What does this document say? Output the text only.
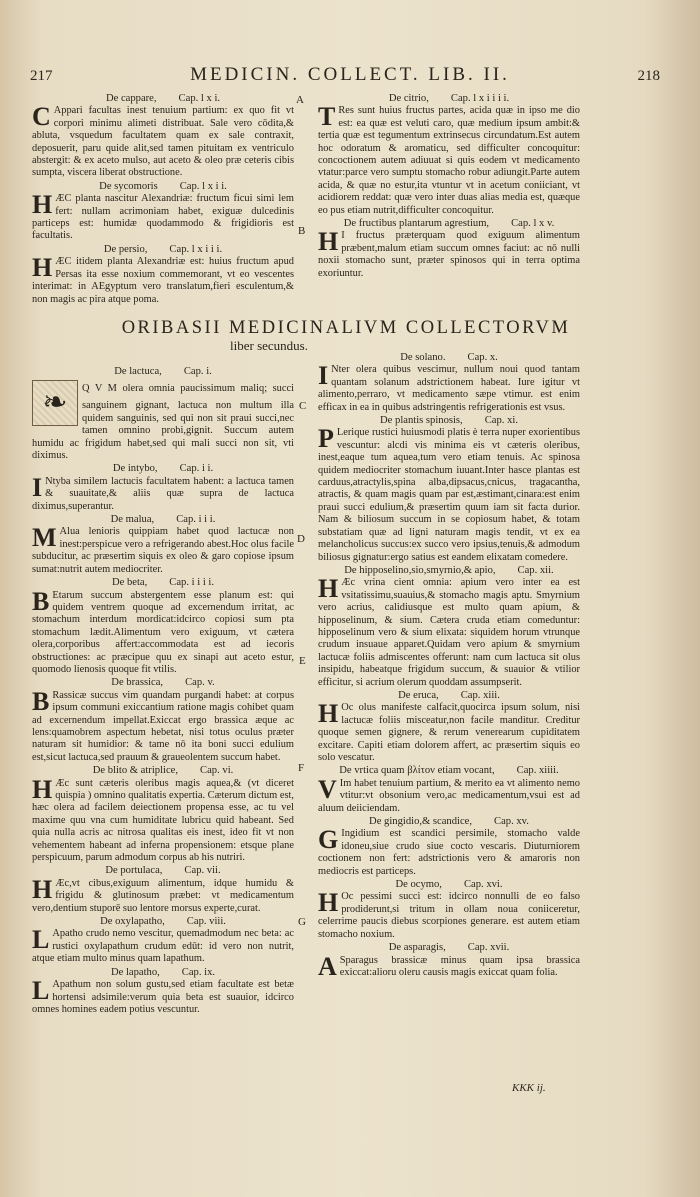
217	MEDICIN. COLLECT. LIB. II.	218
De cappare, Cap. l x i.
CAppari facultas inest tenuium partium: ex quo fit vt corpori minimu alimeti distribuat. Sale vero cōdita,& abluta, vsquedum facultatem quam ex sale contraxit, deposuerit, paru quide alit,sed tamen pituitam ex ventriculo abstergit: & ex aceto mulso, aut aceto & oleo præ ceteris cibis sumpta, viscera liberat obstructione.
De sycomoris Cap. l x i i.
HÆC planta nascitur Alexandriæ: fructum ficui simi lem fert: nullam acrimoniam habet, exiguæ dulcedinis particeps est: humidæ quodammodo & frigidioris est facultatis.
De persio, Cap. l x i i i.
HÆC itidem planta Alexandriæ est: huius fructum apud Persas ita esse noxium commemorant, vt eo vescentes interimat: in AEgyptum vero translatum,fieri esculentum,& non magis ac pira atque poma.
De citrio, Cap. l x i i i i.
TRes sunt huius fructus partes, acida quæ in ipso me dio est: ea quæ est veluti caro, quæ medium ipsum ambit:& tertia quæ est tegumentum extrinsecus circundatum.Est autem hoc odoratum & aromaticu, sed difficulter concoquitur: concoctionem autem adiuuat si quis eodem vt medicamento vtatur:parce vero sumptu stomacho robur adiungit.Parte autem acida, & quæ no estur,ita vtuntur vt in acetum coniiciant, vt acidiorem reddat: quæ vero inter duas alias media est, quæque eo pus etiam nutrit,difficulter concoquitur.
De fructibus plantarum agrestium, Cap. l x v.
HI fructus præterquam quod exiguum alimentum præbent,malum etiam succum omnes faciut: ac nō nulli noxii stomacho sunt, præter spinosos qui in terra optima exoriuntur.
ORIBASII MEDICINALIVM COLLECTORVM
liber secundus.
De lactuca, Cap. i.
❧	Q V M olera omnia paucissimum maliq; succi sanguinem gignant, lactuca non multum illa quidem sanguinis, sed qui non sit praui succi,nec tamen omnino probi,gignit. Succum autem humidu ac frigidum habet,sed qui mali succi non sit, vti diximus.
De intybo, Cap. i i.
INtyba similem lactucis facultatem habent: a lactuca tamen & suauitate,& aliis quæ supra de lactuca diximus,superantur.
De malua, Cap. i i i.
MAlua lenioris quippiam habet quod lactucæ non inest:perspicue vero a refrigerando abest.Hoc olus facile subducitur, ac præsertim siquis ex oleo & garo copiose ipsum sumat:nutrit autem mediocriter.
De beta, Cap. i i i i.
BEtarum succum abstergentem esse planum est: qui quidem ventrem quoque ad excernendum irritat, ac stomachum interdum mordicat:idcirco copiosi sum pta stomachum lædit.Alimentum vero exiguum, vt cætera olera,corporibus affert:accommodata est ad iecoris obstructiones: ac præcipue quu ex sinapi aut aceto estur, quomodo lienosis quoque fit vtilis.
De brassica, Cap. v.
BRassicæ succus vim quandam purgandi habet: at corpus ipsum communi exiccantium ratione magis cohibet quam ad excernendum impellat.Exiccat ergo brassica æque ac lens:quamobrem aspectum hebetat, nisi totus oculus præter naturam sit humidior: & tame nō ita boni succi edulium est,sicut lactuca,sed prauum & graueolentem succum habet.
De blito & atriplice, Cap. vi.
HÆc sunt cæteris oleribus magis aquea,& (vt diceret quispia ) omnino qualitatis expertia. Cæterum dictum est, hæc olera ad facilem deiectionem propensa esse, ac tu vel maxime quu vna cum humiditate lubricu quid habeant. Sed quia nulla acris ac nitrosa qualitas eis inest, ideo fit vt non vehementem habeant ad inferna propensionem: etsque plane perspicuum, parum admodum corpus ab his nutriri.
De portulaca, Cap. vii.
HÆc,vt cibus,exiguum alimentum, idque humidu & frigidu & glutinosum præbet: vt medicamentum vero,dentium stuporē suo lentore morsus experte,curat.
De oxylapatho, Cap. viii.
LApatho crudo nemo vescitur, quemadmodum nec beta: ac rustici oxylapathum crudum edūt: id vero non nutrit, atque etiam multo minus quam lapathum.
De lapatho, Cap. ix.
LApathum non solum gustu,sed etiam facultate est betæ hortensi adsimile:verum quia beta est suauior, idcirco omnes homines eadem potius vescuntur.
De solano. Cap. x.
INter olera quibus vescimur, nullum noui quod tantam quantam solanum adstrictionem habeat. Iure igitur vt alimento,perraro, vt medicamento sæpe vtimur. est enim efficax in ea in quibus adstringentis refrigerationis est vsus.
De plantis spinosis, Cap. xi.
PLerique rustici huiusmodi platis è terra nuper exorientibus vescuntur: alcdi vis minima eis vt cæteris oleribus, inest,eaque tum aquea,tum vero etiam tenuis. Ac spinosa quidem mediocriter stomachum iuuant.Inter hasce plantas est carduus,atractylis,spina alba,dipsacus,cnicus, tragacantha, atractis, & quam magis quam par est,æstimant,cinara:est enim praui succi edulium,& præsertim quum iam sit facta durior. Nam & biliosum succum in se copiosum habet, & totam substatiam quæ ad ligni naturam magis tendit, vt ex ea melancholicus succus:ex succo vero ipsius,tenuis,& admodum biliosus gignatur:ergo satius est eandem elixatam comedere.
De hipposelino,sio,smyrnio,& apio, Cap. xii.
HÆc vrina cient omnia: apium vero inter ea est vsitatissimu,suauius,& stomacho magis aptu. Smyrnium vero acrius, calidiusque est multo quam apium, & hipposelinum, & sium. Cætera cruda etiam comeduntur: hipposelinum vero & sium elixata: siquidem horum vtrunque crudum insuaue apparet.Quidam vero apium & smyrnium lactucæ foliis admiscentes offerunt: nam cum lactuca sit olus insipidu, habeatque frigidum succum, & suauior & vtilior efficitur, si acrium olerum quoddam assumpserit.
De eruca, Cap. xiii.
HOc olus manifeste calfacit,quocirca ipsum solum, nisi lactucæ foliis misceatur,non facile manditur. Creditur quoque semen gignere, & rerum venerearum cupiditatem excitare. Capiti etiam dolorem affert, ac præsertim siquis eo solo vescatur.
De vrtica quam βλίτον etiam vocant, Cap. xiiii.
VIm habet tenuium partium, & merito ea vt alimento nemo vtitur:vt obsonium vero,ac medicamentum,vsui est ad aluum deiiciendam.
De gingidio,& scandice, Cap. xv.
GIngidium est scandici persimile, stomacho valde idoneu,siue crudo siue cocto vescaris. Diuturniorem coctionem non fert: adstrictionis vero & amaroris non mediocris est particeps.
De ocymo, Cap. xvi.
HOc pessimi succi est: idcirco nonnulli de eo falso prodiderunt,si tritum in ollam noua coniiceretur, celerrime paucis diebus scorpiones generare. est autem etiam stomacho noxium.
De asparagis, Cap. xvii.
ASparagus brassicæ minus quam ipsa brassica exiccat:alioru oleru causis magis exiccat quam folia.
A
B
C
D
E
F
G
KKK ij.
